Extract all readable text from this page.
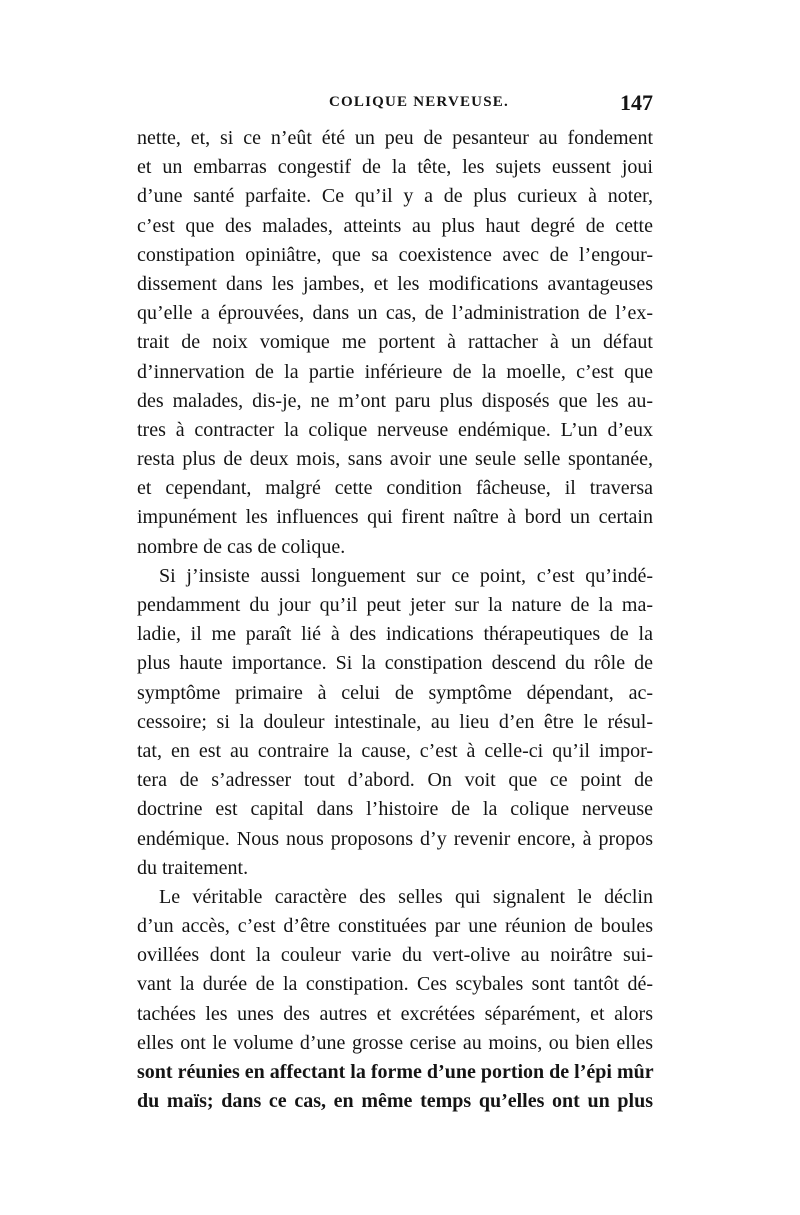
COLIQUE NERVEUSE.	147
nette, et, si ce n’eût été un peu de pesanteur au fondement
et un embarras congestif de la tête, les sujets eussent joui
d’une santé parfaite. Ce qu’il y a de plus curieux à noter,
c’est que des malades, atteints au plus haut degré de cette
constipation opiniâtre, que sa coexistence avec de l’engour-
dissement dans les jambes, et les modifications avantageuses
qu’elle a éprouvées, dans un cas, de l’administration de l’ex-
trait de noix vomique me portent à rattacher à un défaut
d’innervation de la partie inférieure de la moelle, c’est que
des malades, dis-je, ne m’ont paru plus disposés que les au-
tres à contracter la colique nerveuse endémique. L’un d’eux
resta plus de deux mois, sans avoir une seule selle spontanée,
et cependant, malgré cette condition fâcheuse, il traversa
impunément les influences qui firent naître à bord un certain
nombre de cas de colique.
Si j’insiste aussi longuement sur ce point, c’est qu’indé-
pendamment du jour qu’il peut jeter sur la nature de la ma-
ladie, il me paraît lié à des indications thérapeutiques de la
plus haute importance. Si la constipation descend du rôle de
symptôme primaire à celui de symptôme dépendant, ac-
cessoire; si la douleur intestinale, au lieu d’en être le résul-
tat, en est au contraire la cause, c’est à celle-ci qu’il impor-
tera de s’adresser tout d’abord. On voit que ce point de
doctrine est capital dans l’histoire de la colique nerveuse
endémique. Nous nous proposons d’y revenir encore, à propos
du traitement.
Le véritable caractère des selles qui signalent le déclin
d’un accès, c’est d’être constituées par une réunion de boules
ovillées dont la couleur varie du vert-olive au noirâtre sui-
vant la durée de la constipation. Ces scybales sont tantôt dé-
tachées les unes des autres et excrétées séparément, et alors
elles ont le volume d’une grosse cerise au moins, ou bien elles
sont réunies en affectant la forme d’une portion de l’épi mûr
du maïs; dans ce cas, en même temps qu’elles ont un plus
